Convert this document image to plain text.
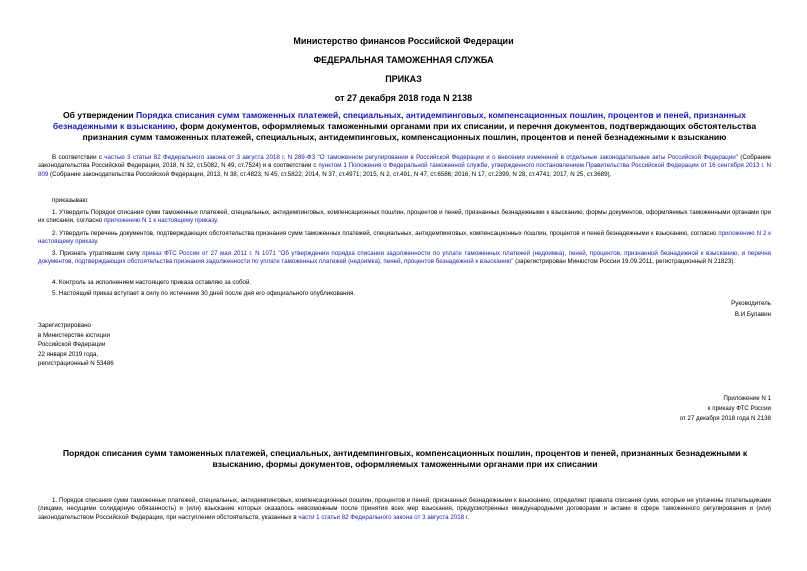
Министерство финансов Российской Федерации
ФЕДЕРАЛЬНАЯ ТАМОЖЕННАЯ СЛУЖБА
ПРИКАЗ
от 27 декабря 2018 года N 2138
Об утверждении Порядка списания сумм таможенных платежей, специальных, антидемпинговых, компенсационных пошлин, процентов и пеней, признанных безнадежными к взысканию, форм документов, оформляемых таможенными органами при их списании, и перечня документов, подтверждающих обстоятельства признания сумм таможенных платежей, специальных, антидемпинговых, компенсационных пошлин, процентов и пеней безнадежными к взысканию
В соответствии с частью 3 статьи 82 Федерального закона от 3 августа 2018 г. N 289-ФЗ "О таможенном регулировании в Российской Федерации и о внесении изменений в отдельные законодательные акты Российской Федерации" (Собрание законодательства Российской Федерации, 2018, N 32, ст.5082, N 49, ст.7524) и в соответствии с пунктом 1 Положения о Федеральной таможенной службе, утвержденного постановлением Правительства Российской Федерации от 16 сентября 2013 г. N 809 (Собрание законодательства Российской Федерации, 2013, N 38, ст.4823, N 45, ст.5822; 2014, N 37, ст.4971; 2015, N 2, ст.491, N 47, ст.6586; 2016, N 17, ст.2399, N 28, ст.4741; 2017, N 25, ст.3689),
приказываю:
1. Утвердить Порядок списания сумм таможенных платежей, специальных, антидемпинговых, компенсационных пошлин, процентов и пеней, признанных безнадежными к взысканию, формы документов, оформляемых таможенными органами при их списании, согласно приложению N 1 к настоящему приказу.
2. Утвердить перечень документов, подтверждающих обстоятельства признания сумм таможенных платежей, специальных, антидемпинговых, компенсационных пошлин, процентов и пеней безнадежными к взысканию, согласно приложению N 2 к настоящему приказу.
3. Признать утратившим силу приказ ФТС России от 27 мая 2011 г. N 1071 "Об утверждении порядка списания задолженности по уплате таможенных платежей (недоимка), пеней, процентов, признанной безнадежной к взысканию, и перечня документов, подтверждающих обстоятельства признания задолженности по уплате таможенных платежей (недоимка), пеней, процентов безнадежной к взысканию" (зарегистрирован Минюстом России 19.09.2011, регистрационный N 21823).
4. Контроль за исполнением настоящего приказа оставляю за собой.
5. Настоящий приказ вступает в силу по истечении 30 дней после дня его официального опубликования.
Руководитель
В.И.Булавин
Зарегистрировано
в Министерстве юстиции
Российской Федерации
22 января 2019 года,
регистрационный N 53486
Приложение N 1
к приказу ФТС России
от 27 декабря 2018 года N 2138
Порядок списания сумм таможенных платежей, специальных, антидемпинговых, компенсационных пошлин, процентов и пеней, признанных безнадежными к взысканию, формы документов, оформляемых таможенными органами при их списании
1. Порядок списания сумм таможенных платежей, специальных, антидемпинговых, компенсационных пошлин, процентов и пеней, признанных безнадежными к взысканию, определяет правила списания сумм, которые не уплачены плательщиками (лицами, несущими солидарную обязанность) и (или) взыскание которых оказалось невозможным после принятия всех мер взыскания, предусмотренных международными договорами и актами в сфере таможенного регулирования и (или) законодательством Российской Федерации, при наступлении обстоятельств, указанных в части 1 статьи 82 Федерального закона от 3 августа 2018 г.
